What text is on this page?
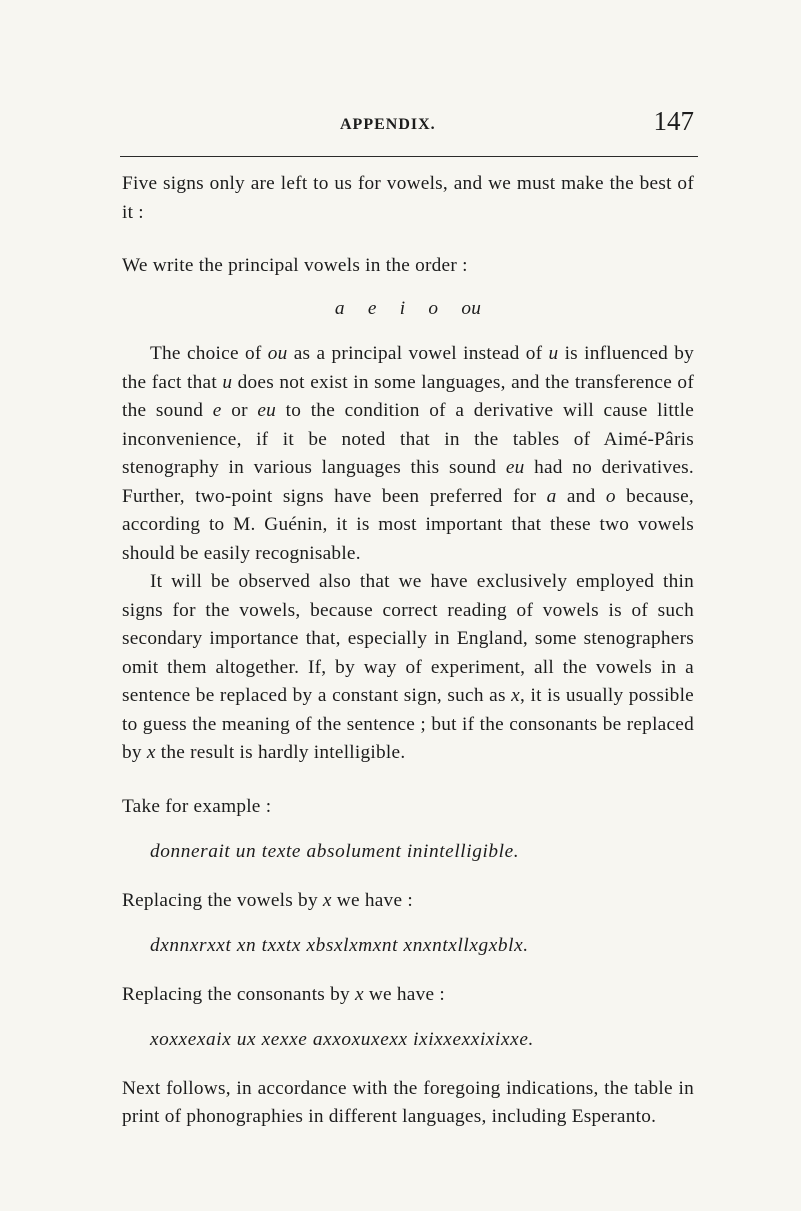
APPENDIX.	147

Five signs only are left to us for vowels, and we must make the best of it :

We write the principal vowels in the order :

a e i o ou

The choice of ou as a principal vowel instead of u is influenced by the fact that u does not exist in some languages, and the transference of the sound e or eu to the condition of a derivative will cause little inconvenience, if it be noted that in the tables of Aimé-Pâris stenography in various languages this sound eu had no derivatives. Further, two-point signs have been preferred for a and o because, according to M. Guénin, it is most important that these two vowels should be easily recognisable.

It will be observed also that we have exclusively employed thin signs for the vowels, because correct reading of vowels is of such secondary importance that, especially in England, some stenographers omit them altogether. If, by way of experiment, all the vowels in a sentence be replaced by a constant sign, such as x, it is usually possible to guess the meaning of the sentence ; but if the consonants be replaced by x the result is hardly intelligible.

Take for example :

donnerait un texte absolument inintelligible.

Replacing the vowels by x we have :

dxnnxrxxt xn txxtx xbsxlxmxnt xnxntxllxgxblx.

Replacing the consonants by x we have :

xoxxexaix ux xexxe axxoxuxexx ixixxexxixixxe.

Next follows, in accordance with the foregoing indications, the table in print of phonographies in different languages, including Esperanto.
